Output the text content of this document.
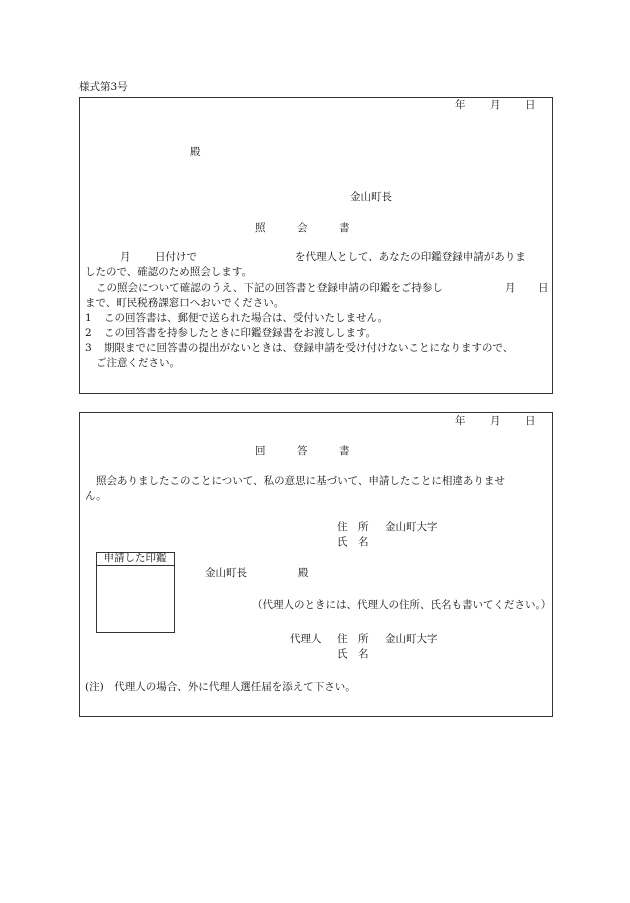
様式第3号
年 月 日
殿
金山町長
照　　　会　　　書
月 日付けで	を代理人として、あなたの印鑑登録申請がありま
したので、確認のため照会します。
この照会について確認のうえ、下記の回答書と登録申請の印鑑をご持参し	月 日
まで、町民税務課窓口へおいでください。
1 この回答書は、郵便で送られた場合は、受付いたしません。
2 この回答書を持参したときに印鑑登録書をお渡しします。
3 期限までに回答書の提出がないときは、登録申請を受け付けないことになりますので、
ご注意ください。
年 月 日
回　　　答　　　書
照会ありましたこのことについて、私の意思に基づいて、申請したことに相違ありませ
ん。
住　所 金山町大字
氏　名
申請した印鑑
金山町長	殿
（代理人のときには、代理人の住所、氏名も書いてください。）
代理人 住　所 金山町大字
氏　名
(注)　代理人の場合、外に代理人選任届を添えて下さい。
